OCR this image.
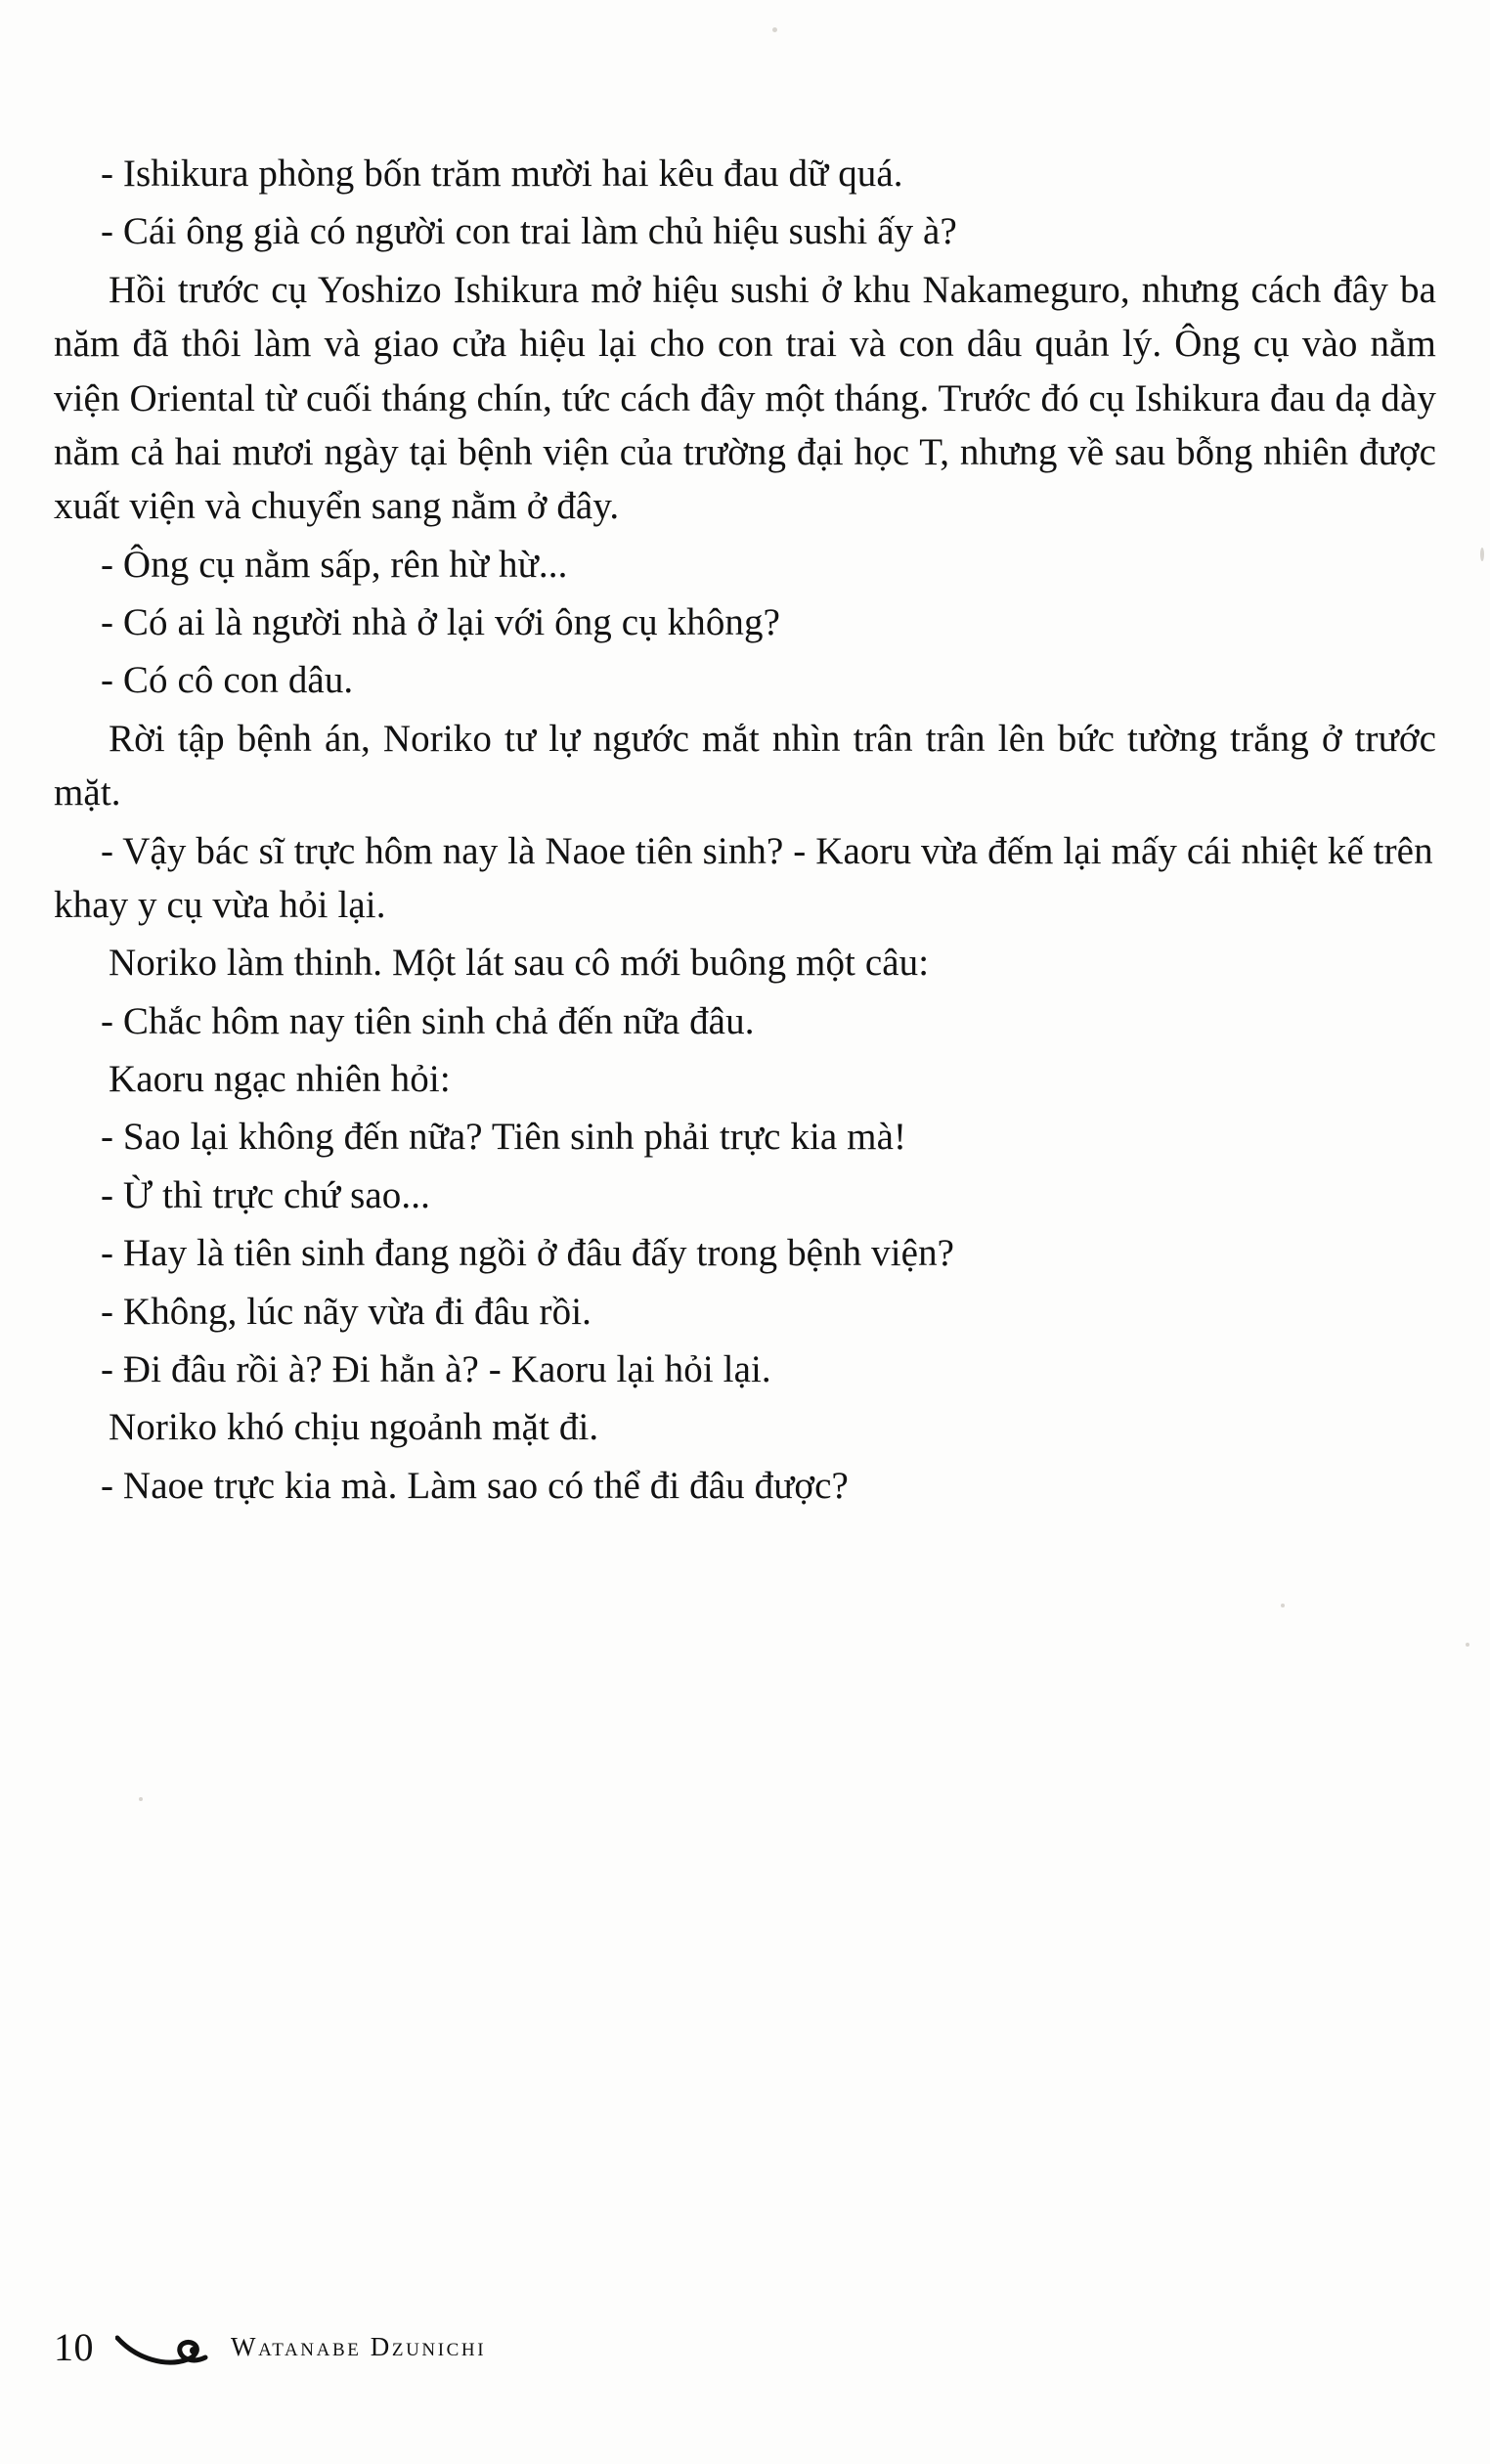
- Ishikura phòng bốn trăm mười hai kêu đau dữ quá.

- Cái ông già có người con trai làm chủ hiệu sushi ấy à?

Hồi trước cụ Yoshizo Ishikura mở hiệu sushi ở khu Nakameguro, nhưng cách đây ba năm đã thôi làm và giao cửa hiệu lại cho con trai và con dâu quản lý. Ông cụ vào nằm viện Oriental từ cuối tháng chín, tức cách đây một tháng. Trước đó cụ Ishikura đau dạ dày nằm cả hai mươi ngày tại bệnh viện của trường đại học T, nhưng về sau bỗng nhiên được xuất viện và chuyển sang nằm ở đây.

- Ông cụ nằm sấp, rên hừ hừ...

- Có ai là người nhà ở lại với ông cụ không?

- Có cô con dâu.

Rời tập bệnh án, Noriko tư lự ngước mắt nhìn trân trân lên bức tường trắng ở trước mặt.

- Vậy bác sĩ trực hôm nay là Naoe tiên sinh? - Kaoru vừa đếm lại mấy cái nhiệt kế trên khay y cụ vừa hỏi lại.

Noriko làm thinh. Một lát sau cô mới buông một câu:

- Chắc hôm nay tiên sinh chả đến nữa đâu.

Kaoru ngạc nhiên hỏi:

- Sao lại không đến nữa? Tiên sinh phải trực kia mà!

- Ừ thì trực chứ sao...

- Hay là tiên sinh đang ngồi ở đâu đấy trong bệnh viện?

- Không, lúc nãy vừa đi đâu rồi.

- Đi đâu rồi à? Đi hẳn à? - Kaoru lại hỏi lại.

Noriko khó chịu ngoảnh mặt đi.

- Naoe trực kia mà. Làm sao có thể đi đâu được?

10	Watanabe Dzunichi
